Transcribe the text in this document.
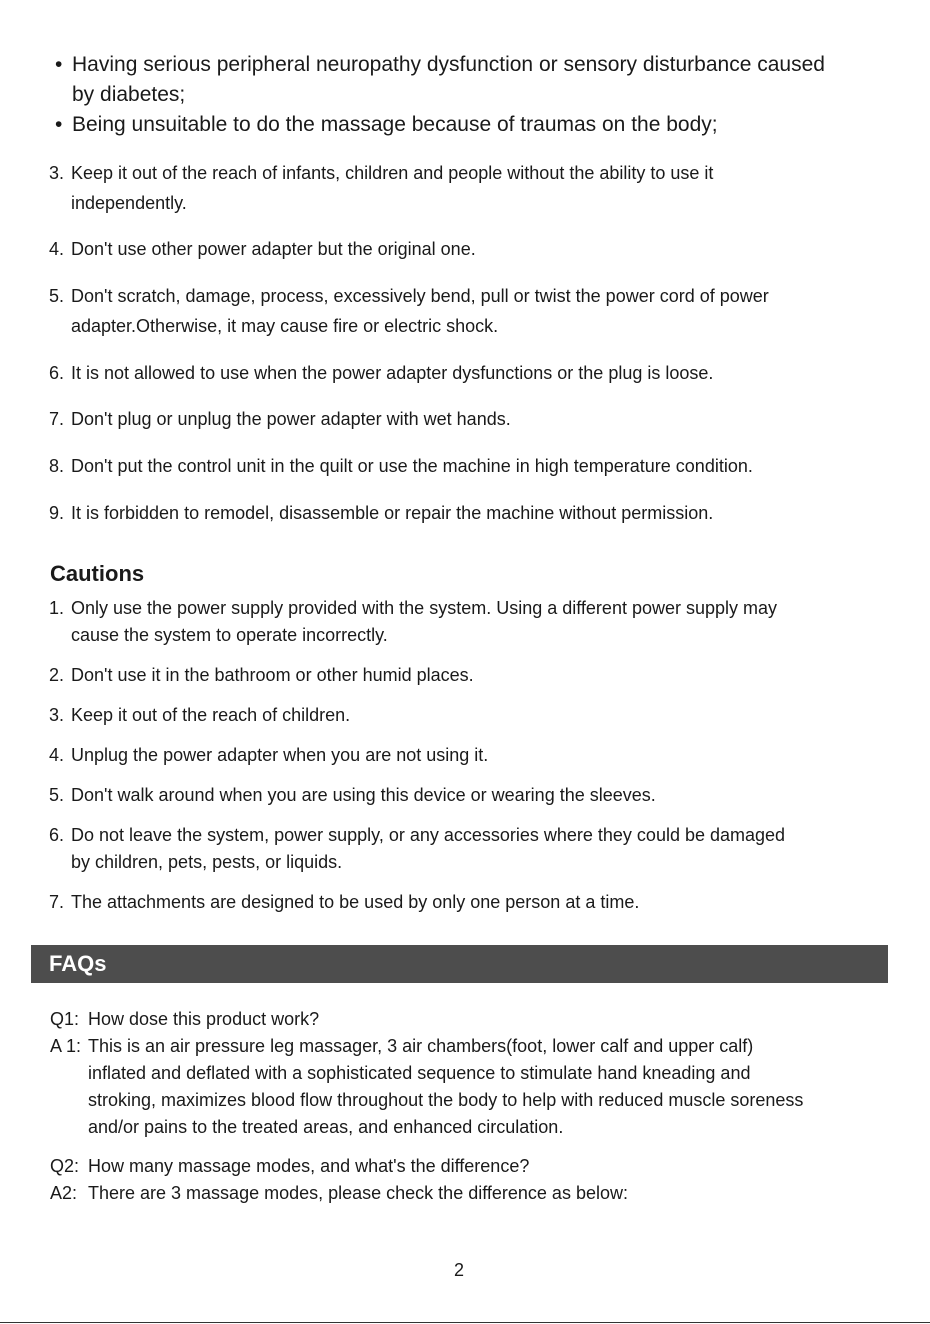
• Having serious peripheral neuropathy dysfunction or sensory disturbance caused
by diabetes;
• Being unsuitable to do the massage because of traumas on the body;
3. Keep it out of the reach of infants, children and people without the ability to use it
independently.
4. Don't use other power adapter but the original one.
5. Don't scratch, damage, process, excessively bend, pull or twist the power cord of power
adapter.Otherwise, it may cause fire or electric shock.
6. It is not allowed to use when the power adapter dysfunctions or the plug is loose.
7. Don't plug or unplug the power adapter with wet hands.
8. Don't put the control unit in the quilt or use the machine in high temperature condition.
9. It is forbidden to remodel, disassemble or repair the machine without permission.
Cautions
1. Only use the power supply provided with the system. Using a different power supply may
cause the system to operate incorrectly.
2. Don't use it in the bathroom or other humid places.
3. Keep it out of the reach of children.
4. Unplug the power adapter when you are not using it.
5. Don't walk around when you are using this device or wearing the sleeves.
6. Do not leave the system, power supply, or any accessories where they could be damaged
by children, pets, pests, or liquids.
7. The attachments are designed to be used by only one person at a time.
FAQs
Q1: How dose this product work?
A 1: This is an air pressure leg massager, 3 air chambers(foot, lower calf and upper calf)
inflated and deflated with a sophisticated sequence to stimulate hand kneading and
stroking, maximizes blood flow throughout the body to help with reduced muscle soreness
and/or pains to the treated areas, and enhanced circulation.
Q2: How many massage modes, and what's the difference?
A2: There are 3 massage modes, please check the difference as below:
2
